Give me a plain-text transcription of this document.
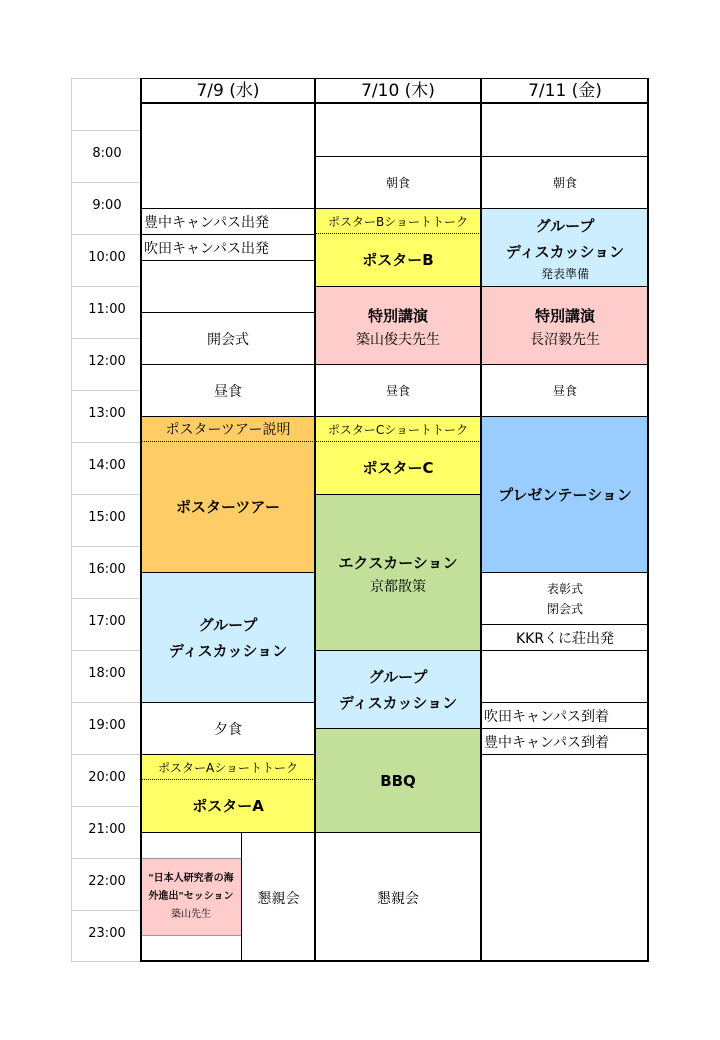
8:00
9:00
10:00
11:00
12:00
13:00
14:00
15:00
16:00
17:00
18:00
19:00
20:00
21:00
22:00
23:00
7/9 (水)
豊中キャンパス出発
吹田キャンパス出発
開会式
昼食
ポスターツアー説明
ポスターツアー
グループ
ディスカッション
夕食
ポスターAショートトーク
ポスターA
"日本人研究者の海
外進出"セッション
築山先生
懇親会
7/10 (木)
朝食
ポスターBショートトーク
ポスターB
特別講演
築山俊夫先生
昼食
ポスターCショートトーク
ポスターC
エクスカーション
京都散策
グループ
ディスカッション
BBQ
懇親会
7/11 (金)
朝食
グループ
ディスカッション
発表準備
特別講演
長沼毅先生
昼食
プレゼンテーション
表彰式
閉会式
KKRくに荘出発
吹田キャンパス到着
豊中キャンパス到着
